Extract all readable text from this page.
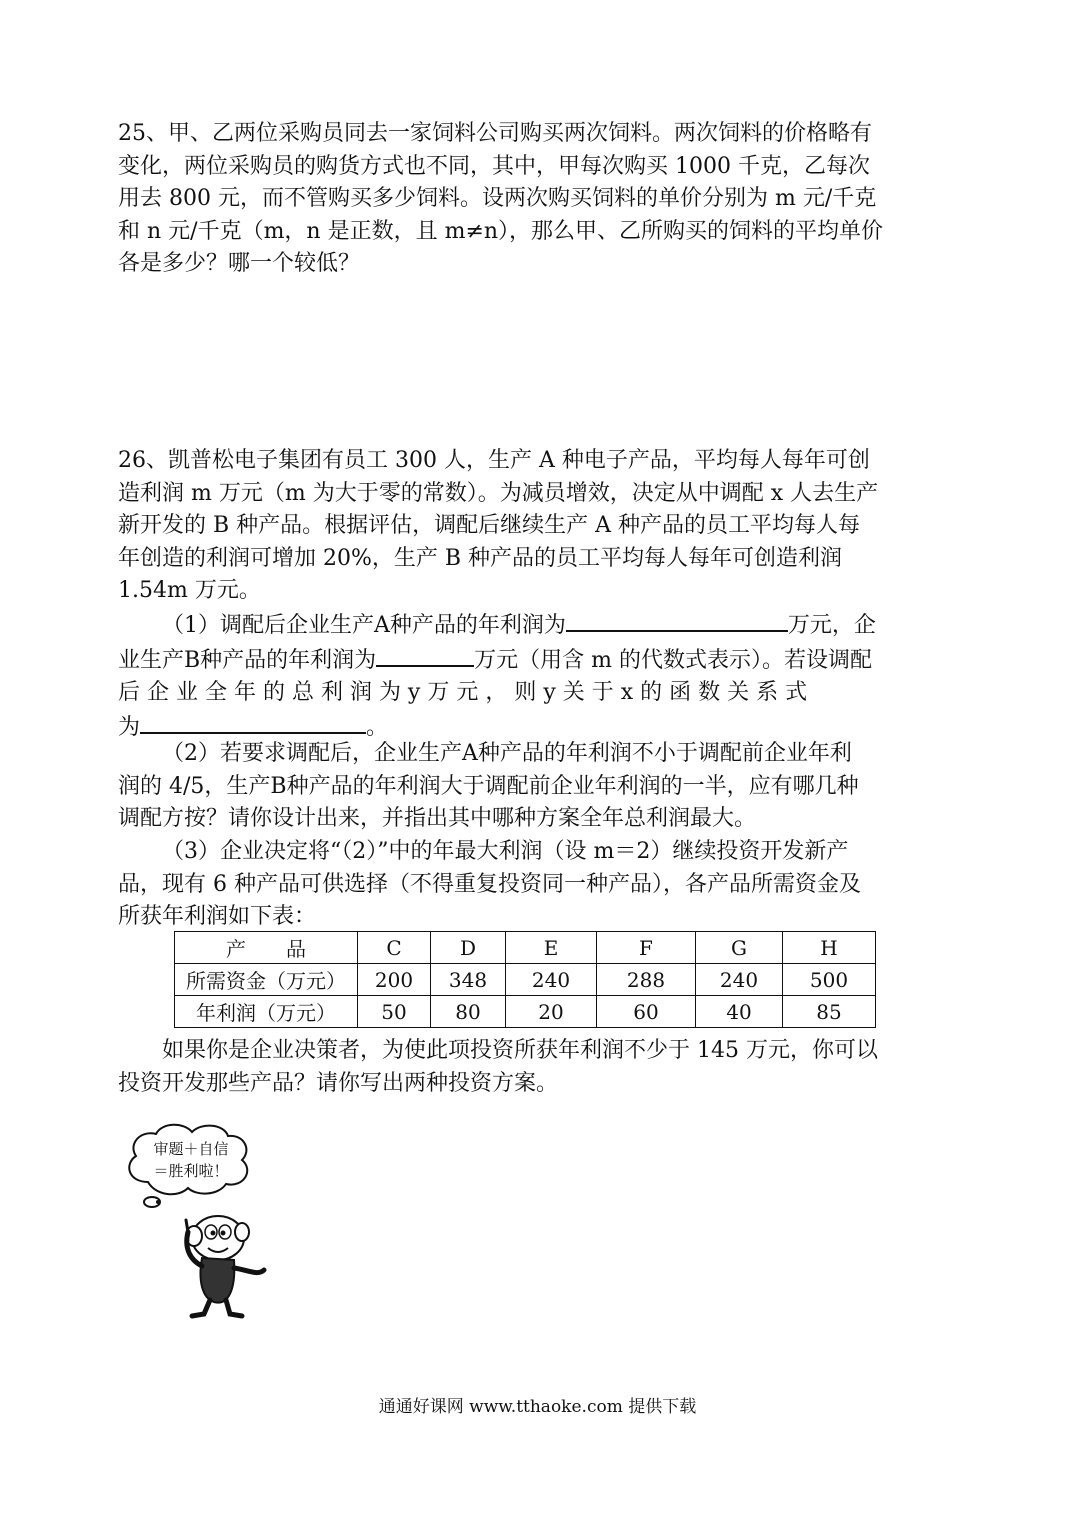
25、甲、乙两位采购员同去一家饲料公司购买两次饲料。两次饲料的价格略有
变化，两位采购员的购货方式也不同，其中，甲每次购买 1000 千克，乙每次
用去 800 元，而不管购买多少饲料。设两次购买饲料的单价分别为 m 元/千克
和 n 元/千克（m，n 是正数，且 m≠n），那么甲、乙所购买的饲料的平均单价
各是多少？哪一个较低？
26、凯普松电子集团有员工 300 人，生产 A 种电子产品，平均每人每年可创
造利润 m 万元（m 为大于零的常数）。为减员增效，决定从中调配 x 人去生产
新开发的 B 种产品。根据评估，调配后继续生产 A 种产品的员工平均每人每
年创造的利润可增加 20%，生产 B 种产品的员工平均每人每年可创造利润
1.54m 万元。
（1）调配后企业生产A种产品的年利润为	万元，企
业生产B种产品的年利润为	万元（用含 m 的代数式表示）。若设调配
后 企 业 全 年 的 总 利 润 为 y 万 元 ， 则 y 关 于 x 的 函 数 关 系 式
为	。
（2）若要求调配后，企业生产A种产品的年利润不小于调配前企业年利
润的 4/5，生产B种产品的年利润大于调配前企业年利润的一半，应有哪几种
调配方按？请你设计出来，并指出其中哪种方案全年总利润最大。
（3）企业决定将“（2）”中的年最大利润（设 m＝2）继续投资开发新产
品，现有 6 种产品可供选择（不得重复投资同一种产品），各产品所需资金及
所获年利润如下表：
产　　品	C	D	E	F	G	H
所需资金（万元）	200	348	240	288	240	500
年利润（万元）	50	80	20	60	40	85
如果你是企业决策者，为使此项投资所获年利润不少于 145 万元，你可以
投资开发那些产品？请你写出两种投资方案。
审题＋自信
＝胜利啦！
通通好课网 www.tthaoke.com 提供下载
